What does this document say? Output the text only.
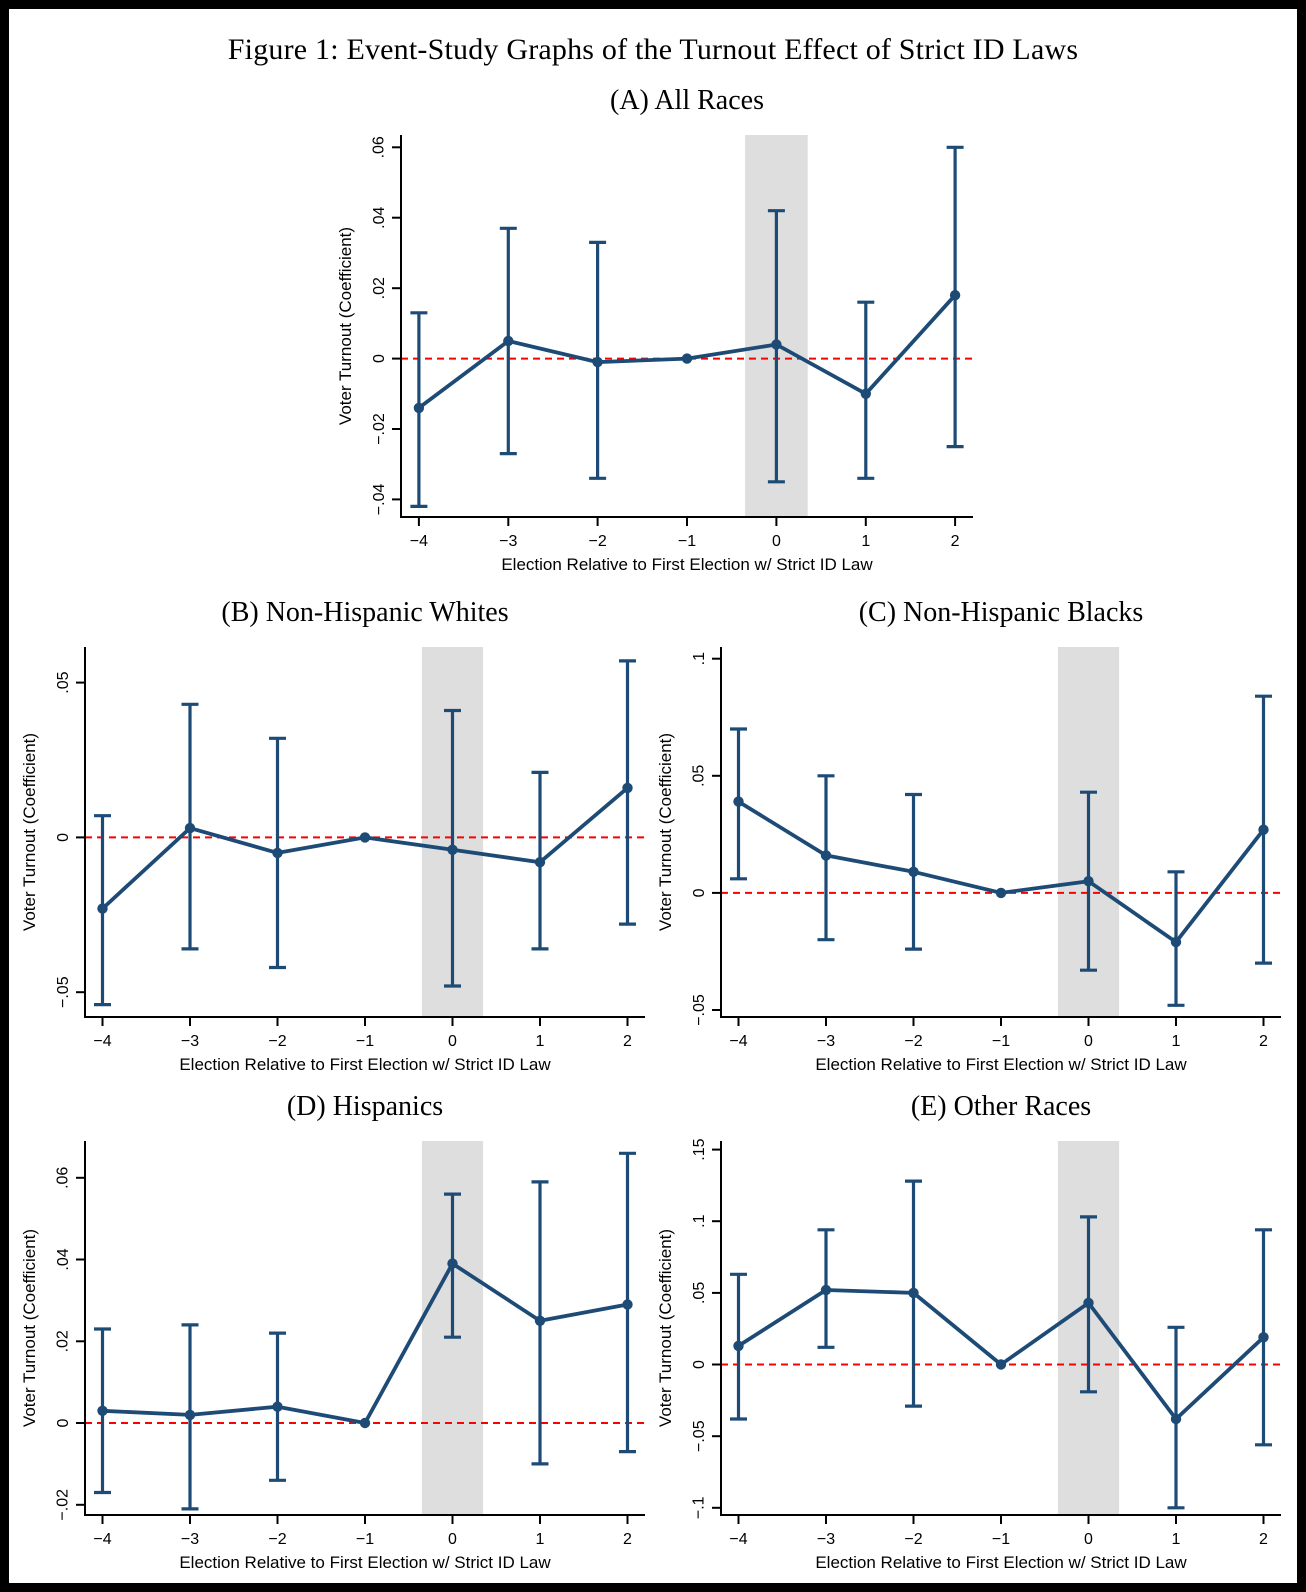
Figure 1: Event-Study Graphs of the Turnout Effect of Strict ID Laws
.06
.04
.02
0
−.02
−.04
−4	−3	−2	−1	0	1	2
Voter Turnout (Coefficient)
Election Relative to First Election w/ Strict ID Law
(A) All Races
.05
0
−.05
−4	−3	−2	−1	0	1	2
Voter Turnout (Coefficient)
Election Relative to First Election w/ Strict ID Law
(B) Non-Hispanic Whites
.1
.05
0
−.05
−4	−3	−2	−1	0	1	2
Voter Turnout (Coefficient)
Election Relative to First Election w/ Strict ID Law
(C) Non-Hispanic Blacks
.06
.04
.02
0
−.02
−4	−3	−2	−1	0	1	2
Voter Turnout (Coefficient)
Election Relative to First Election w/ Strict ID Law
(D) Hispanics
.15
.1
.05
0
−.05
−.1
−4	−3	−2	−1	0	1	2
Voter Turnout (Coefficient)
Election Relative to First Election w/ Strict ID Law
(E) Other Races
